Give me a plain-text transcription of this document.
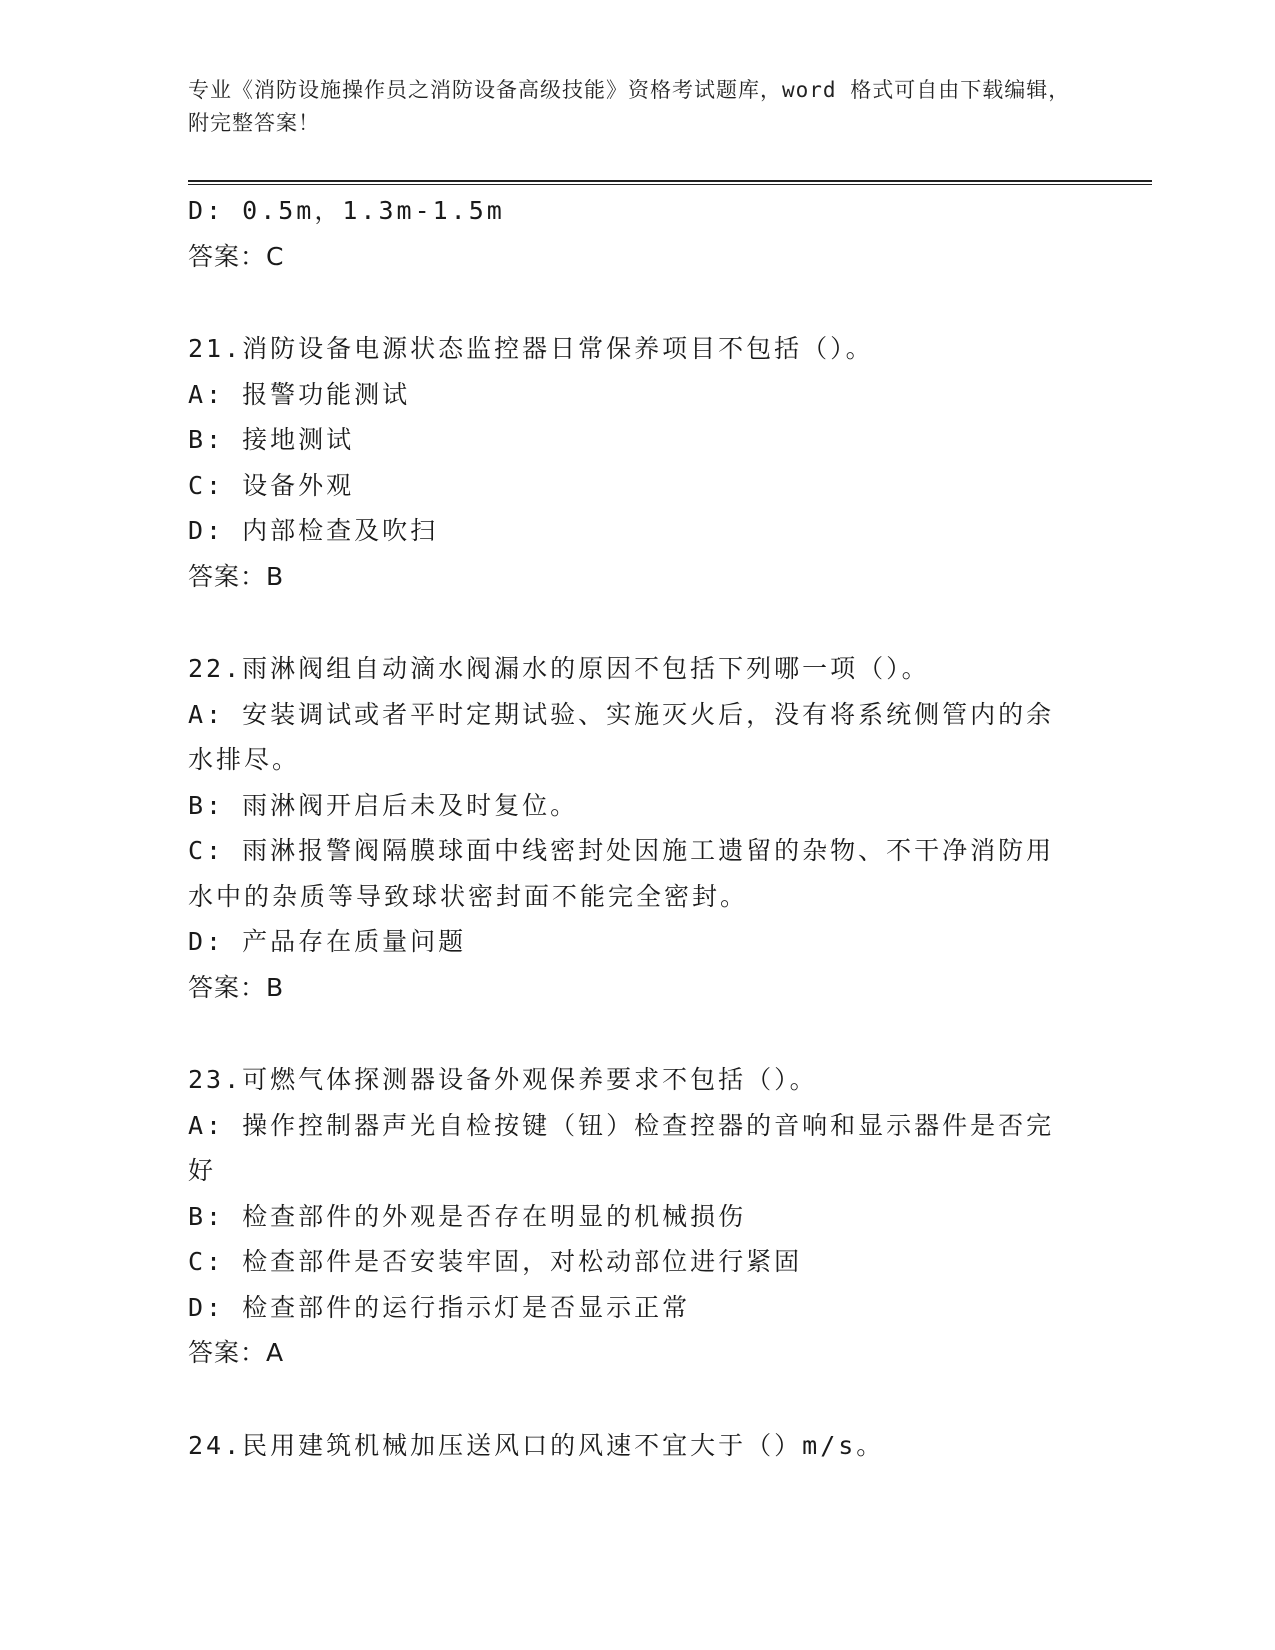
专业《消防设施操作员之消防设备高级技能》资格考试题库，word 格式可自由下载编辑，附完整答案！
D: 0.5m，1.3m-1.5m
答案：C
21.消防设备电源状态监控器日常保养项目不包括（）。
A: 报警功能测试
B: 接地测试
C: 设备外观
D: 内部检查及吹扫
答案：B
22.雨淋阀组自动滴水阀漏水的原因不包括下列哪一项（）。
A: 安装调试或者平时定期试验、实施灭火后，没有将系统侧管内的余水排尽。
B: 雨淋阀开启后未及时复位。
C: 雨淋报警阀隔膜球面中线密封处因施工遗留的杂物、不干净消防用水中的杂质等导致球状密封面不能完全密封。
D: 产品存在质量问题
答案：B
23.可燃气体探测器设备外观保养要求不包括（）。
A: 操作控制器声光自检按键（钮）检查控器的音响和显示器件是否完好
B: 检查部件的外观是否存在明显的机械损伤
C: 检查部件是否安装牢固，对松动部位进行紧固
D: 检查部件的运行指示灯是否显示正常
答案：A
24.民用建筑机械加压送风口的风速不宜大于（）m/s。
